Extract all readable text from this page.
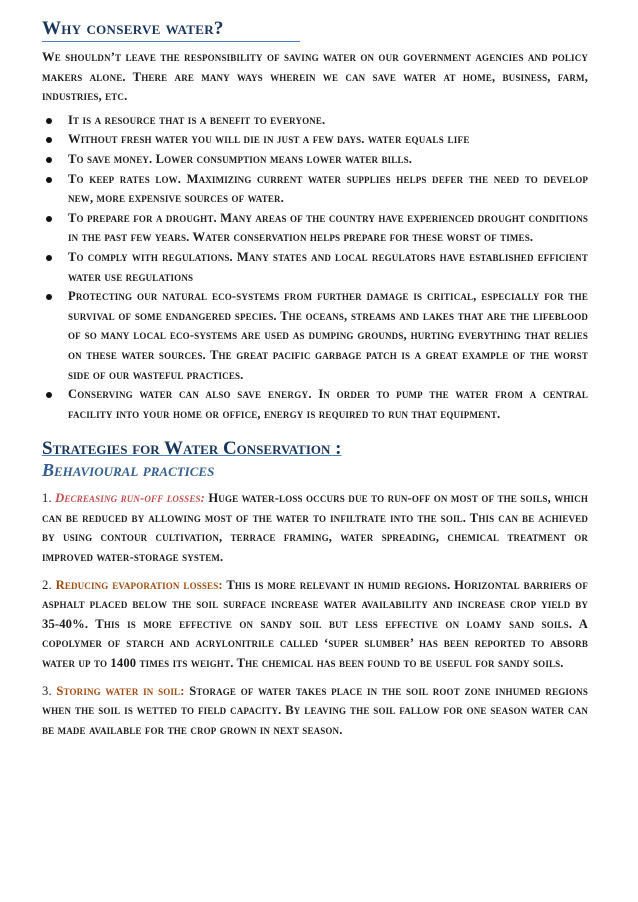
Why conserve water?

We shouldn’t leave the responsibility of saving water on our government agencies and policy makers alone. There are many ways wherein we can save water at home, business, farm, industries, etc.

It is a resource that is a benefit to everyone.
Without fresh water you will die in just a few days. water equals life
To save money. Lower consumption means lower water bills.
To keep rates low. Maximizing current water supplies helps defer the need to develop new, more expensive sources of water.
To prepare for a drought. Many areas of the country have experienced drought conditions in the past few years. Water conservation helps prepare for these worst of times.
To comply with regulations. Many states and local regulators have established efficient water use regulations
Protecting our natural eco-systems from further damage is critical, especially for the survival of some endangered species. The oceans, streams and lakes that are the lifeblood of so many local eco-systems are used as dumping grounds, hurting everything that relies on these water sources. The great pacific garbage patch is a great example of the worst side of our wasteful practices.
Conserving water can also save energy. In order to pump the water from a central facility into your home or office, energy is required to run that equipment.
Strategies for Water Conservation :
Behavioural practices

1. Decreasing run-off losses: Huge water-loss occurs due to run-off on most of the soils, which can be reduced by allowing most of the water to infiltrate into the soil. This can be achieved by using contour cultivation, terrace framing, water spreading, chemical treatment or improved water-storage system.

2. Reducing evaporation losses: This is more relevant in humid regions. Horizontal barriers of asphalt placed below the soil surface increase water availability and increase crop yield by 35-40%. This is more effective on sandy soil but less effective on loamy sand soils. A copolymer of starch and acrylonitrile called ‘super slumber’ has been reported to absorb water up to 1400 times its weight. The chemical has been found to be useful for sandy soils.

3. Storing water in soil: Storage of water takes place in the soil root zone inhumed regions when the soil is wetted to field capacity. By leaving the soil fallow for one season water can be made available for the crop grown in next season.
